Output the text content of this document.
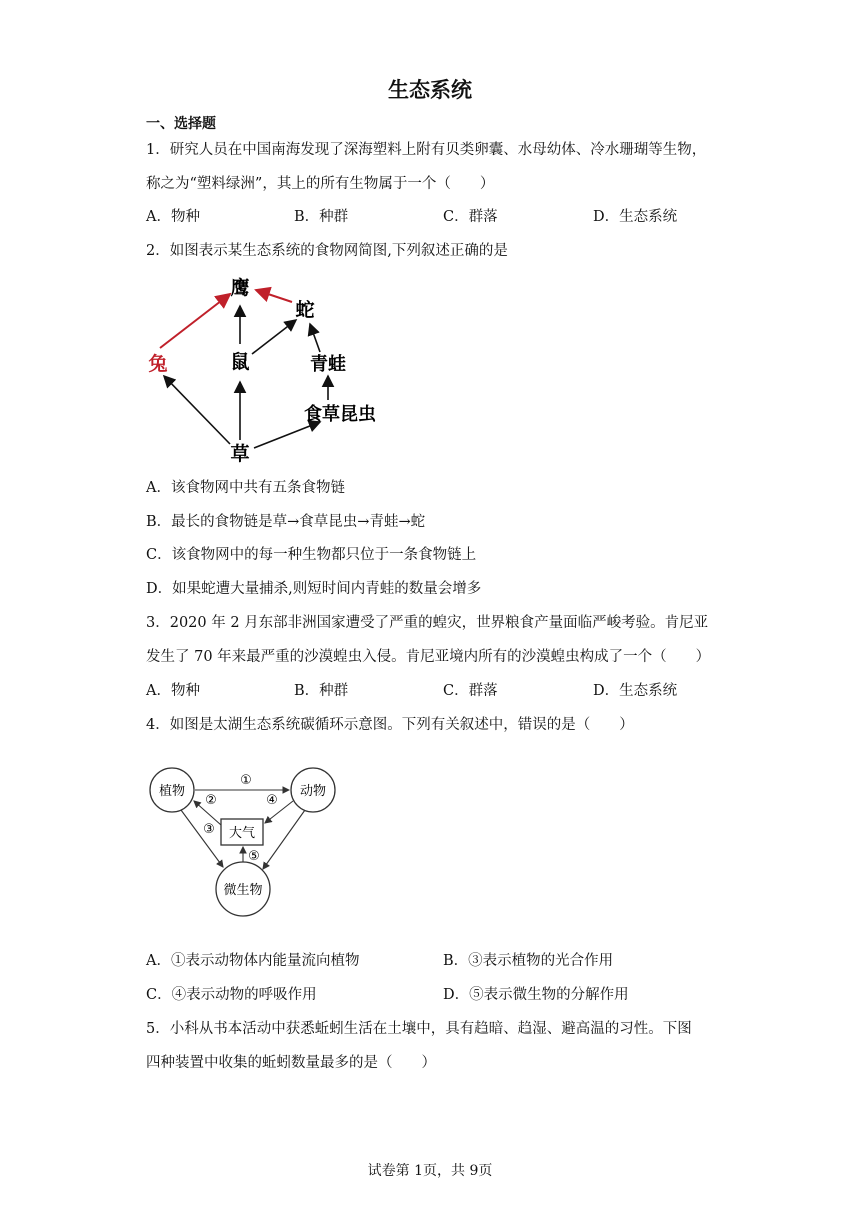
生态系统
一、选择题
1．研究人员在中国南海发现了深海塑料上附有贝类卵囊、水母幼体、冷水珊瑚等生物，
称之为“塑料绿洲”，其上的所有生物属于一个（　　）
A．物种	B．种群	C．群落	D．生态系统
2．如图表示某生态系统的食物网简图,下列叙述正确的是
鹰
蛇
兔	鼠	青蛙
食草昆虫
草
A．该食物网中共有五条食物链
B．最长的食物链是草→食草昆虫→青蛙→蛇
C．该食物网中的每一种生物都只位于一条食物链上
D．如果蛇遭大量捕杀,则短时间内青蛙的数量会增多
3．2020 年 2 月东部非洲国家遭受了严重的蝗灾，世界粮食产量面临严峻考验。肯尼亚
发生了 70 年来最严重的沙漠蝗虫入侵。肯尼亚境内所有的沙漠蝗虫构成了一个（　　）
A．物种	B．种群	C．群落	D．生态系统
4．如图是太湖生态系统碳循环示意图。下列有关叙述中，错误的是（　　）
植物	动物
大气
微生物
①
②
③
④
⑤
A．①表示动物体内能量流向植物	B．③表示植物的光合作用
C．④表示动物的呼吸作用	D．⑤表示微生物的分解作用
5．小科从书本活动中获悉蚯蚓生活在土壤中，具有趋暗、趋湿、避高温的习性。下图
四种装置中收集的蚯蚓数量最多的是（　　）
试卷第 1页，共 9页
